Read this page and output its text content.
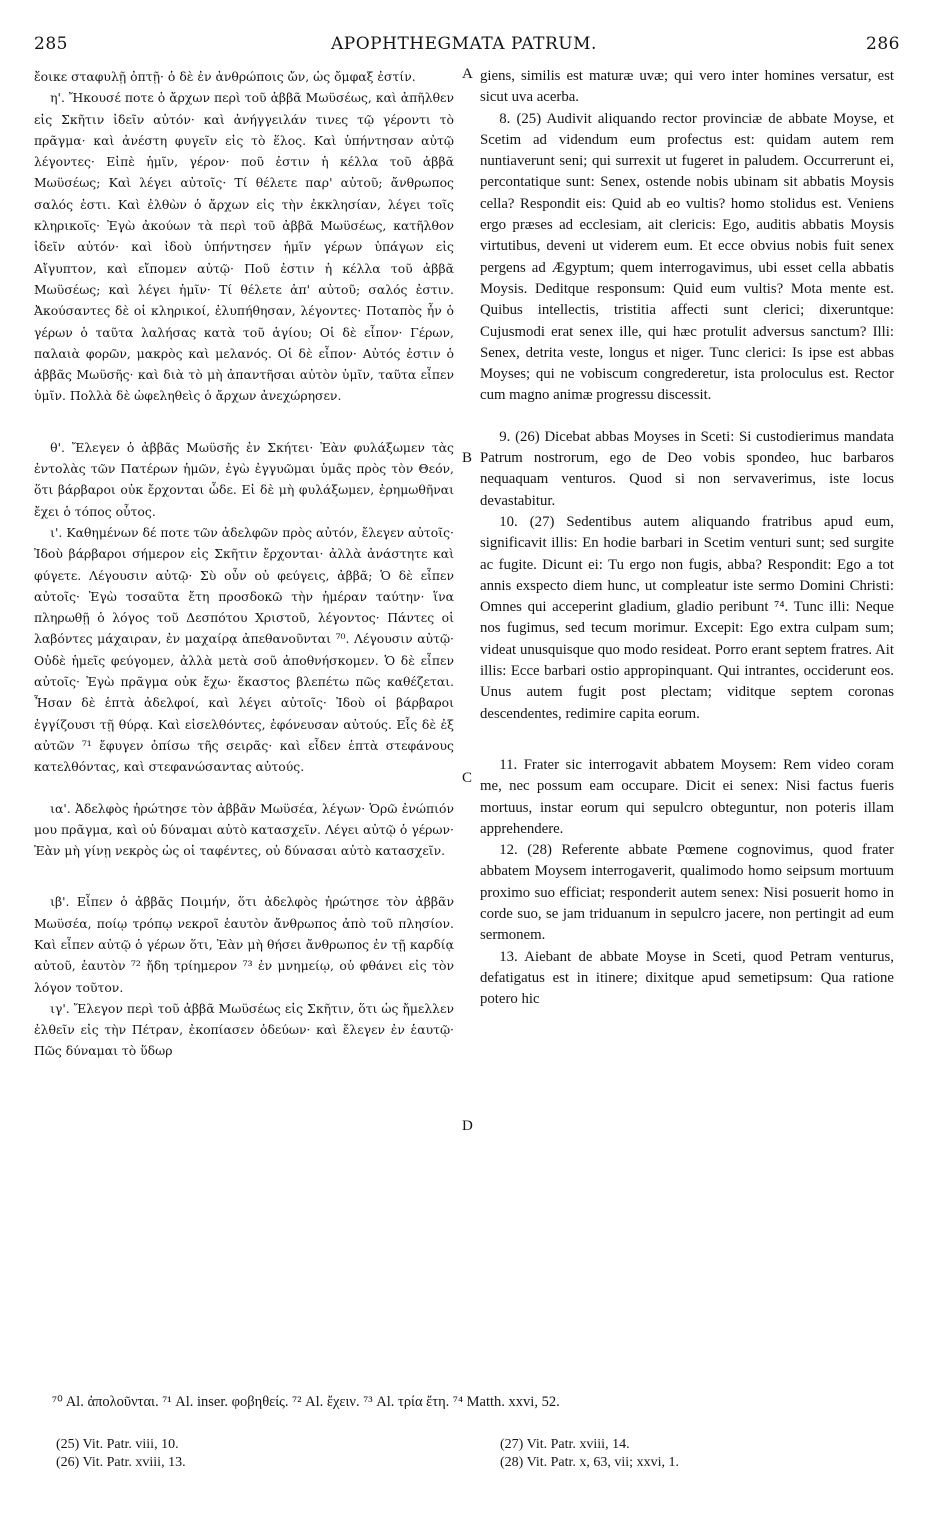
285	APOPHTHEGMATA PATRUM.	286
A
B
C
D

ἔοικε σταφυλῇ ὀπτῇ· ὁ δὲ ἐν ἀνθρώποις ὤν, ὡς ὄμφαξ ἐστίν.

η'. Ἤκουσέ ποτε ὁ ἄρχων περὶ τοῦ ἀββᾶ Μωϋσέως, καὶ ἀπῆλθεν εἰς Σκῆτιν ἰδεῖν αὐτόν· καὶ ἀνήγγειλάν τινες τῷ γέροντι τὸ πρᾶγμα· καὶ ἀνέστη φυγεῖν εἰς τὸ ἕλος. Καὶ ὑπήντησαν αὐτῷ λέγοντες· Εἰπὲ ἡμῖν, γέρον· ποῦ ἐστιν ἡ κέλλα τοῦ ἀββᾶ Μωϋσέως; Καὶ λέγει αὐτοῖς· Τί θέλετε παρ' αὐτοῦ; ἄνθρωπος σαλός ἐστι. Καὶ ἐλθὼν ὁ ἄρχων εἰς τὴν ἐκκλησίαν, λέγει τοῖς κληρικοῖς· Ἐγὼ ἀκούων τὰ περὶ τοῦ ἀββᾶ Μωϋσέως, κατῆλθον ἰδεῖν αὐτόν· καὶ ἰδοὺ ὑπήντησεν ἡμῖν γέρων ὑπάγων εἰς Αἴγυπτον, καὶ εἴπομεν αὐτῷ· Ποῦ ἐστιν ἡ κέλλα τοῦ ἀββᾶ Μωϋσέως; καὶ λέγει ἡμῖν· Τί θέλετε ἀπ' αὐτοῦ; σαλός ἐστιν. Ἀκούσαντες δὲ οἱ κληρικοί, ἐλυπήθησαν, λέγοντες· Ποταπὸς ἦν ὁ γέρων ὁ ταῦτα λαλήσας κατὰ τοῦ ἁγίου; Οἱ δὲ εἶπον· Γέρων, παλαιὰ φορῶν, μακρὸς καὶ μελανός. Οἱ δὲ εἶπον· Αὐτός ἐστιν ὁ ἀββᾶς Μωϋσῆς· καὶ διὰ τὸ μὴ ἀπαντῆσαι αὐτὸν ὑμῖν, ταῦτα εἶπεν ὑμῖν. Πολλὰ δὲ ὠφεληθεὶς ὁ ἄρχων ἀνεχώρησεν.

θ'. Ἔλεγεν ὁ ἀββᾶς Μωϋσῆς ἐν Σκήτει· Ἐὰν φυλάξωμεν τὰς ἐντολὰς τῶν Πατέρων ἡμῶν, ἐγὼ ἐγγυῶμαι ὑμᾶς πρὸς τὸν Θεόν, ὅτι βάρβαροι οὐκ ἔρχονται ὧδε. Εἰ δὲ μὴ φυλάξωμεν, ἐρημωθῆναι ἔχει ὁ τόπος οὗτος.

ι'. Καθημένων δέ ποτε τῶν ἀδελφῶν πρὸς αὐτόν, ἔλεγεν αὐτοῖς· Ἰδοὺ βάρβαροι σήμερον εἰς Σκῆτιν ἔρχονται· ἀλλὰ ἀνάστητε καὶ φύγετε. Λέγουσιν αὐτῷ· Σὺ οὖν οὐ φεύγεις, ἀββᾶ; Ὁ δὲ εἶπεν αὐτοῖς· Ἐγὼ τοσαῦτα ἔτη προσδοκῶ τὴν ἡμέραν ταύτην· ἵνα πληρωθῇ ὁ λόγος τοῦ Δεσπότου Χριστοῦ, λέγοντος· Πάντες οἱ λαβόντες μάχαιραν, ἐν μαχαίρᾳ ἀπεθανοῦνται ⁷⁰. Λέγουσιν αὐτῷ· Οὐδὲ ἡμεῖς φεύγομεν, ἀλλὰ μετὰ σοῦ ἀποθνήσκομεν. Ὁ δὲ εἶπεν αὐτοῖς· Ἐγὼ πρᾶγμα οὐκ ἔχω· ἕκαστος βλεπέτω πῶς καθέζεται. Ἦσαν δὲ ἑπτὰ ἀδελφοί, καὶ λέγει αὐτοῖς· Ἰδοὺ οἱ βάρβαροι ἐγγίζουσι τῇ θύρᾳ. Καὶ εἰσελθόντες, ἐφόνευσαν αὐτούς. Εἷς δὲ ἐξ αὐτῶν ⁷¹ ἔφυγεν ὀπίσω τῆς σειρᾶς· καὶ εἶδεν ἑπτὰ στεφάνους κατελθόντας, καὶ στεφανώσαντας αὐτούς.

ια'. Ἀδελφὸς ἠρώτησε τὸν ἀββᾶν Μωϋσέα, λέγων· Ὁρῶ ἐνώπιόν μου πρᾶγμα, καὶ οὐ δύναμαι αὐτὸ κατασχεῖν. Λέγει αὐτῷ ὁ γέρων· Ἐὰν μὴ γίνῃ νεκρὸς ὡς οἱ ταφέντες, οὐ δύνασαι αὐτὸ κατασχεῖν.

ιβ'. Εἶπεν ὁ ἀββᾶς Ποιμήν, ὅτι ἀδελφὸς ἠρώτησε τὸν ἀββᾶν Μωϋσέα, ποίῳ τρόπῳ νεκροῖ ἑαυτὸν ἄνθρωπος ἀπὸ τοῦ πλησίον. Καὶ εἶπεν αὐτῷ ὁ γέρων ὅτι, Ἐὰν μὴ θήσει ἄνθρωπος ἐν τῇ καρδίᾳ αὐτοῦ, ἑαυτὸν ⁷² ἤδη τρίημερον ⁷³ ἐν μνημείῳ, οὐ φθάνει εἰς τὸν λόγον τοῦτον.

ιγ'. Ἔλεγον περὶ τοῦ ἀββᾶ Μωϋσέως εἰς Σκῆτιν, ὅτι ὡς ἤμελλεν ἐλθεῖν εἰς τὴν Πέτραν, ἐκοπίασεν ὁδεύων· καὶ ἔλεγεν ἐν ἑαυτῷ· Πῶς δύναμαι τὸ ὕδωρ

giens, similis est maturæ uvæ; qui vero inter homines versatur, est sicut uva acerba.

8. (25) Audivit aliquando rector provinciæ de abbate Moyse, et Scetim ad videndum eum profectus est: quidam autem rem nuntiaverunt seni; qui surrexit ut fugeret in paludem. Occurrerunt ei, percontatique sunt: Senex, ostende nobis ubinam sit abbatis Moysis cella? Respondit eis: Quid ab eo vultis? homo stolidus est. Veniens ergo præses ad ecclesiam, ait clericis: Ego, auditis abbatis Moysis virtutibus, deveni ut viderem eum. Et ecce obvius nobis fuit senex pergens ad Ægyptum; quem interrogavimus, ubi esset cella abbatis Moysis. Deditque responsum: Quid eum vultis? Mota mente est. Quibus intellectis, tristitia affecti sunt clerici; dixeruntque: Cujusmodi erat senex ille, qui hæc protulit adversus sanctum? Illi: Senex, detrita veste, longus et niger. Tunc clerici: Is ipse est abbas Moyses; qui ne vobiscum congrederetur, ista proloculus est. Rector cum magno animæ progressu discessit.

9. (26) Dicebat abbas Moyses in Sceti: Si custodierimus mandata Patrum nostrorum, ego de Deo vobis spondeo, huc barbaros nequaquam venturos. Quod si non servaverimus, iste locus devastabitur.

10. (27) Sedentibus autem aliquando fratribus apud eum, significavit illis: En hodie barbari in Scetim venturi sunt; sed surgite ac fugite. Dicunt ei: Tu ergo non fugis, abba? Respondit: Ego a tot annis exspecto diem hunc, ut compleatur iste sermo Domini Christi: Omnes qui acceperint gladium, gladio peribunt ⁷⁴. Tunc illi: Neque nos fugimus, sed tecum morimur. Excepit: Ego extra culpam sum; videat unusquisque quo modo resideat. Porro erant septem fratres. Ait illis: Ecce barbari ostio appropinquant. Qui intrantes, occiderunt eos. Unus autem fugit post plectam; viditque septem coronas descendentes, redimire capita eorum.

11. Frater sic interrogavit abbatem Moysem: Rem video coram me, nec possum eam occupare. Dicit ei senex: Nisi factus fueris mortuus, instar eorum qui sepulcro obteguntur, non poteris illam apprehendere.

12. (28) Referente abbate Pœmene cognovimus, quod frater abbatem Moysem interrogaverit, qualimodo homo seipsum mortuum proximo suo efficiat; responderit autem senex: Nisi posuerit homo in corde suo, se jam triduanum in sepulcro jacere, non pertingit ad eum sermonem.

13. Aiebant de abbate Moyse in Sceti, quod Petram venturus, defatigatus est in itinere; dixitque apud semetipsum: Qua ratione potero hic

⁷⁰ Al. ἀπολοῦνται. ⁷¹ Al. inser. φοβηθείς. ⁷² Al. ἔχειν. ⁷³ Al. τρία ἔτη. ⁷⁴ Matth. xxvi, 52.
(25) Vit. Patr. viii, 10.
(26) Vit. Patr. xviii, 13.
(27) Vit. Patr. xviii, 14.
(28) Vit. Patr. x, 63, vii; xxvi, 1.
